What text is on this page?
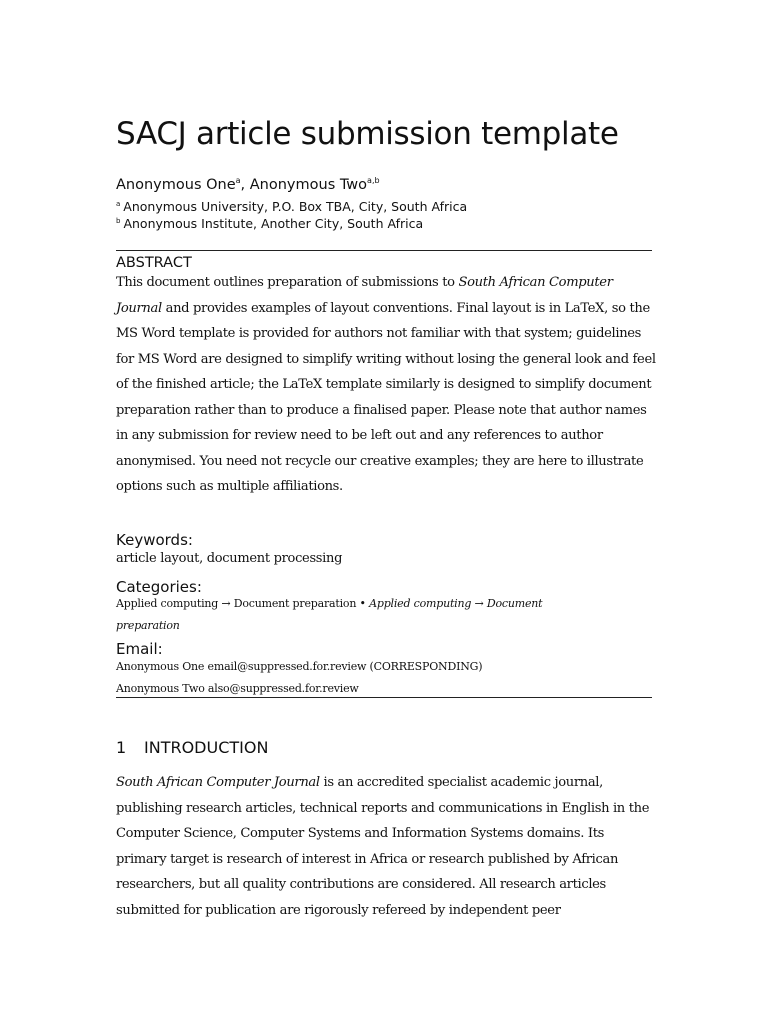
SACJ article submission template
Anonymous One$^a$, Anonymous Two$^{a,b}$
$^a$ Anonymous University, P.O. Box TBA, City, South Africa
$^b$ Anonymous Institute, Another City, South Africa
ABSTRACT

This document outlines preparation of submissions to South African Computer Journal and provides examples of layout conventions. Final layout is in LaTeX, so the MS Word template is provided for authors not familiar with that system; guidelines for MS Word are designed to simplify writing without losing the general look and feel of the finished article; the LaTeX template similarly is designed to simplify document preparation rather than to produce a finalised paper. Please note that author names in any submission for review need to be left out and any references to author anonymised. You need not recycle our creative examples; they are here to illustrate options such as multiple affiliations.

Keywords:
article layout, document processing
Categories:
Applied computing → Document preparation • Applied computing → Document
preparation
Email:
Anonymous One email@suppressed.for.review (CORRESPONDING)
Anonymous Two also@suppressed.for.review
1 INTRODUCTION

South African Computer Journal is an accredited specialist academic journal, publishing research articles, technical reports and communications in English in the Computer Science, Computer Systems and Information Systems domains. Its primary target is research of interest in Africa or research published by African researchers, but all quality contributions are considered. All research articles submitted for publication are rigorously refereed by independent peer
